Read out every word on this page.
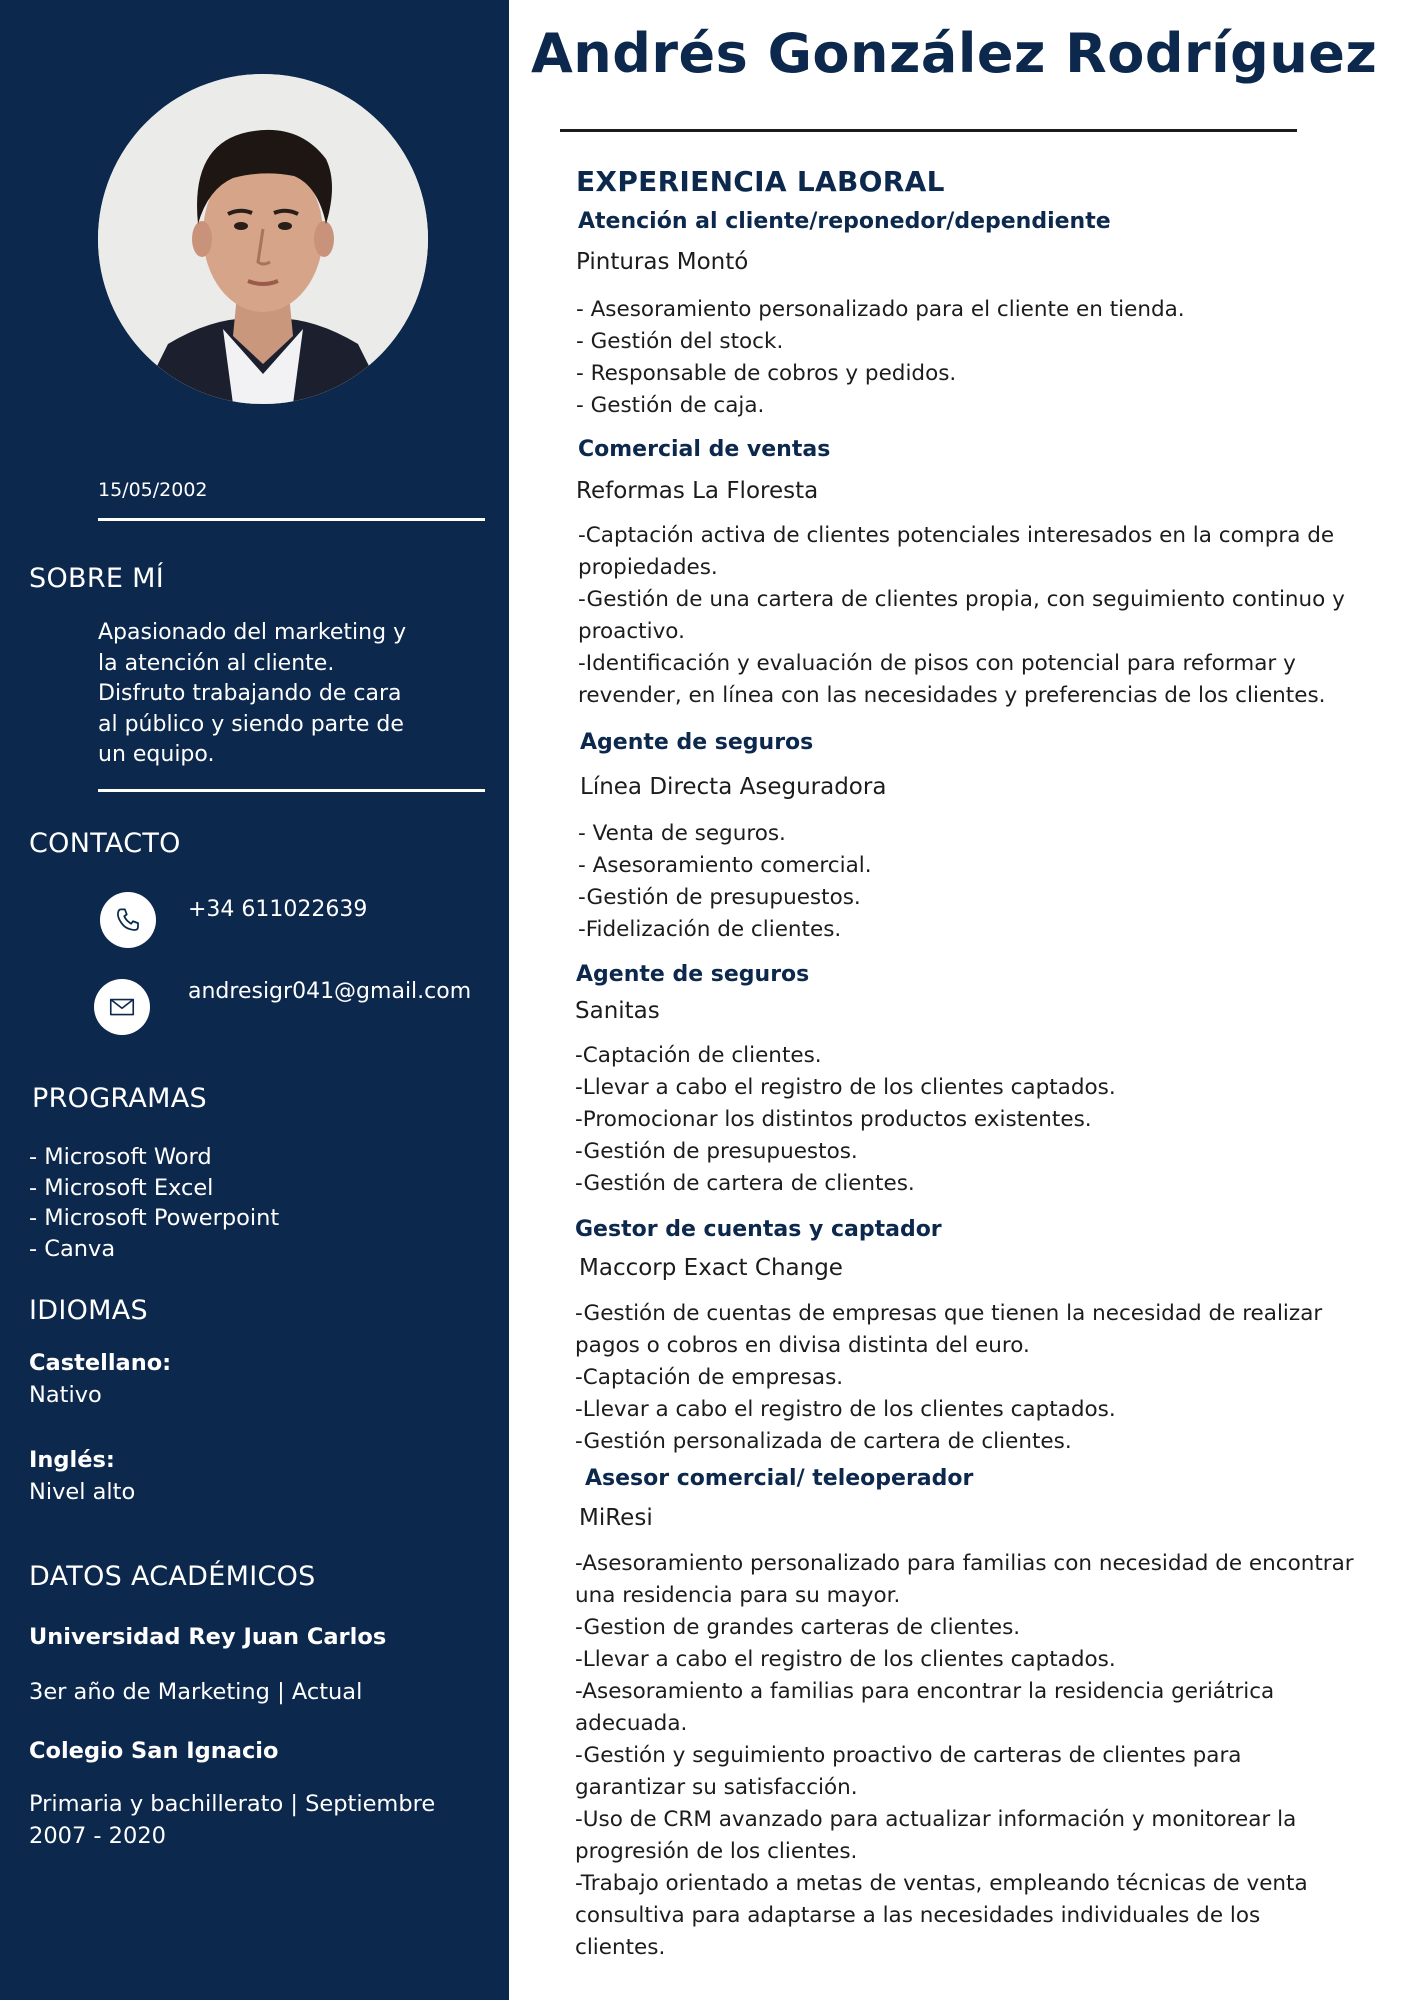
15/05/2002
SOBRE MÍ

Apasionado del marketing y la atención al cliente. Disfruto trabajando de cara al público y siendo parte de un equipo.

CONTACTO
+34 611022639
andresigr041@gmail.com
PROGRAMAS
- Microsoft Word
- Microsoft Excel
- Microsoft Powerpoint
- Canva
IDIOMAS
Castellano:
Nativo
Inglés:
Nivel alto
DATOS ACADÉMICOS
Universidad Rey Juan Carlos
3er año de Marketing | Actual
Colegio San Ignacio
Primaria y bachillerato | Septiembre 2007 - 2020
Andrés González Rodríguez
EXPERIENCIA LABORAL
Atención al cliente/reponedor/dependiente
Pinturas Montó
- Asesoramiento personalizado para el cliente en tienda.
- Gestión del stock.
- Responsable de cobros y pedidos.
- Gestión de caja.
Comercial de ventas
Reformas La Floresta
-Captación activa de clientes potenciales interesados en la compra de propiedades.
-Gestión de una cartera de clientes propia, con seguimiento continuo y proactivo.
-Identificación y evaluación de pisos con potencial para reformar y revender, en línea con las necesidades y preferencias de los clientes.
Agente de seguros
Línea Directa Aseguradora
- Venta de seguros.
- Asesoramiento comercial.
-Gestión de presupuestos.
-Fidelización de clientes.
Agente de seguros
Sanitas
-Captación de clientes.
-Llevar a cabo el registro de los clientes captados.
-Promocionar los distintos productos existentes.
-Gestión de presupuestos.
-Gestión de cartera de clientes.
Gestor de cuentas y captador
Maccorp Exact Change
-Gestión de cuentas de empresas que tienen la necesidad de realizar pagos o cobros en divisa distinta del euro.
-Captación de empresas.
-Llevar a cabo el registro de los clientes captados.
-Gestión personalizada de cartera de clientes.
Asesor comercial/ teleoperador
MiResi
-Asesoramiento personalizado para familias con necesidad de encontrar una residencia para su mayor.
-Gestion de grandes carteras de clientes.
-Llevar a cabo el registro de los clientes captados.
-Asesoramiento a familias para encontrar la residencia geriátrica adecuada.
-Gestión y seguimiento proactivo de carteras de clientes para garantizar su satisfacción.
-Uso de CRM avanzado para actualizar información y monitorear la progresión de los clientes.
-Trabajo orientado a metas de ventas, empleando técnicas de venta consultiva para adaptarse a las necesidades individuales de los clientes.
